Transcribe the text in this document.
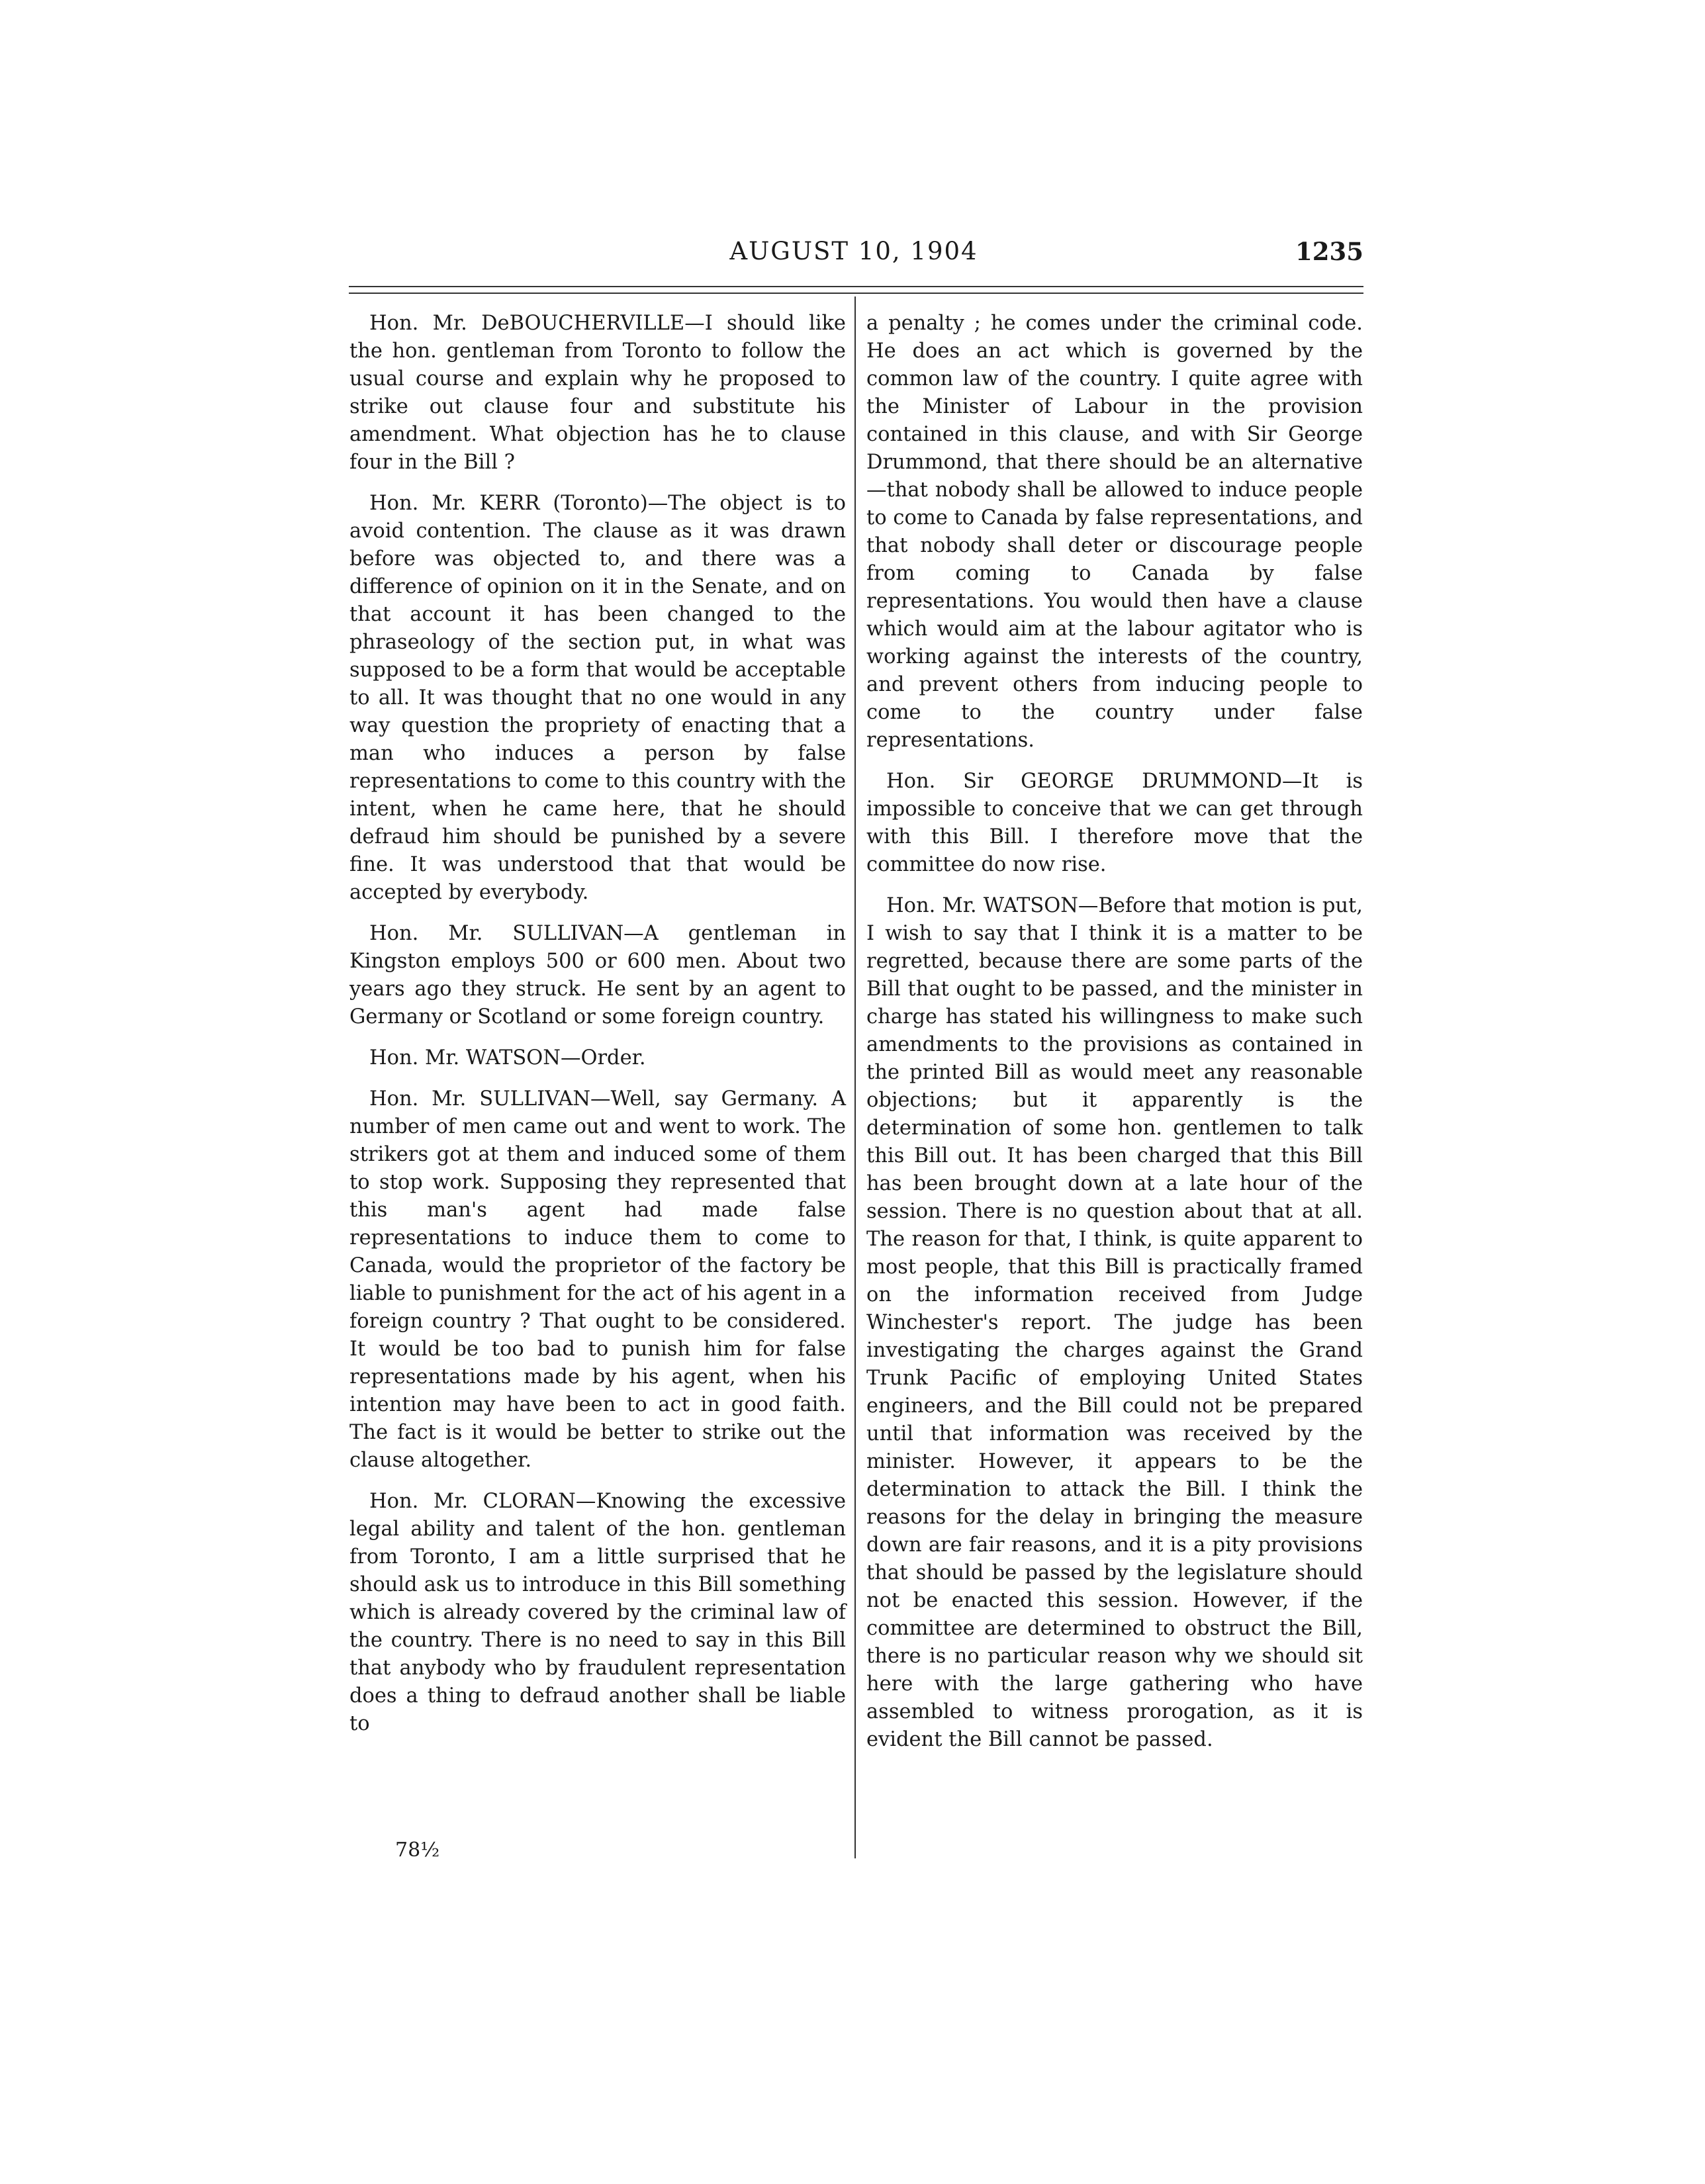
AUGUST 10, 1904	1235

Hon. Mr. DeBOUCHERVILLE—I should like the hon. gentleman from Toronto to follow the usual course and explain why he proposed to strike out clause four and substitute his amendment. What objection has he to clause four in the Bill ?

Hon. Mr. KERR (Toronto)—The object is to avoid contention. The clause as it was drawn before was objected to, and there was a difference of opinion on it in the Senate, and on that account it has been changed to the phraseology of the section put, in what was supposed to be a form that would be acceptable to all. It was thought that no one would in any way question the propriety of enacting that a man who induces a person by false representations to come to this country with the intent, when he came here, that he should defraud him should be punished by a severe fine. It was understood that that would be accepted by everybody.

Hon. Mr. SULLIVAN—A gentleman in Kingston employs 500 or 600 men. About two years ago they struck. He sent by an agent to Germany or Scotland or some foreign country.

Hon. Mr. WATSON—Order.

Hon. Mr. SULLIVAN—Well, say Germany. A number of men came out and went to work. The strikers got at them and induced some of them to stop work. Supposing they represented that this man's agent had made false representations to induce them to come to Canada, would the proprietor of the factory be liable to punishment for the act of his agent in a foreign country ? That ought to be considered. It would be too bad to punish him for false representations made by his agent, when his intention may have been to act in good faith. The fact is it would be better to strike out the clause altogether.

Hon. Mr. CLORAN—Knowing the excessive legal ability and talent of the hon. gentleman from Toronto, I am a little surprised that he should ask us to introduce in this Bill something which is already covered by the criminal law of the country. There is no need to say in this Bill that anybody who by fraudulent representation does a thing to defraud another shall be liable to

a penalty ; he comes under the criminal code. He does an act which is governed by the common law of the country. I quite agree with the Minister of Labour in the provision contained in this clause, and with Sir George Drummond, that there should be an alternative—that nobody shall be allowed to induce people to come to Canada by false representations, and that nobody shall deter or discourage people from coming to Canada by false representations. You would then have a clause which would aim at the labour agitator who is working against the interests of the country, and prevent others from inducing people to come to the country under false representations.

Hon. Sir GEORGE DRUMMOND—It is impossible to conceive that we can get through with this Bill. I therefore move that the committee do now rise.

Hon. Mr. WATSON—Before that motion is put, I wish to say that I think it is a matter to be regretted, because there are some parts of the Bill that ought to be passed, and the minister in charge has stated his willingness to make such amendments to the provisions as contained in the printed Bill as would meet any reasonable objections; but it apparently is the determination of some hon. gentlemen to talk this Bill out. It has been charged that this Bill has been brought down at a late hour of the session. There is no question about that at all. The reason for that, I think, is quite apparent to most people, that this Bill is practically framed on the information received from Judge Winchester's report. The judge has been investigating the charges against the Grand Trunk Pacific of employing United States engineers, and the Bill could not be prepared until that information was received by the minister. However, it appears to be the determination to attack the Bill. I think the reasons for the delay in bringing the measure down are fair reasons, and it is a pity provisions that should be passed by the legislature should not be enacted this session. However, if the committee are determined to obstruct the Bill, there is no particular reason why we should sit here with the large gathering who have assembled to witness prorogation, as it is evident the Bill cannot be passed.

78½
